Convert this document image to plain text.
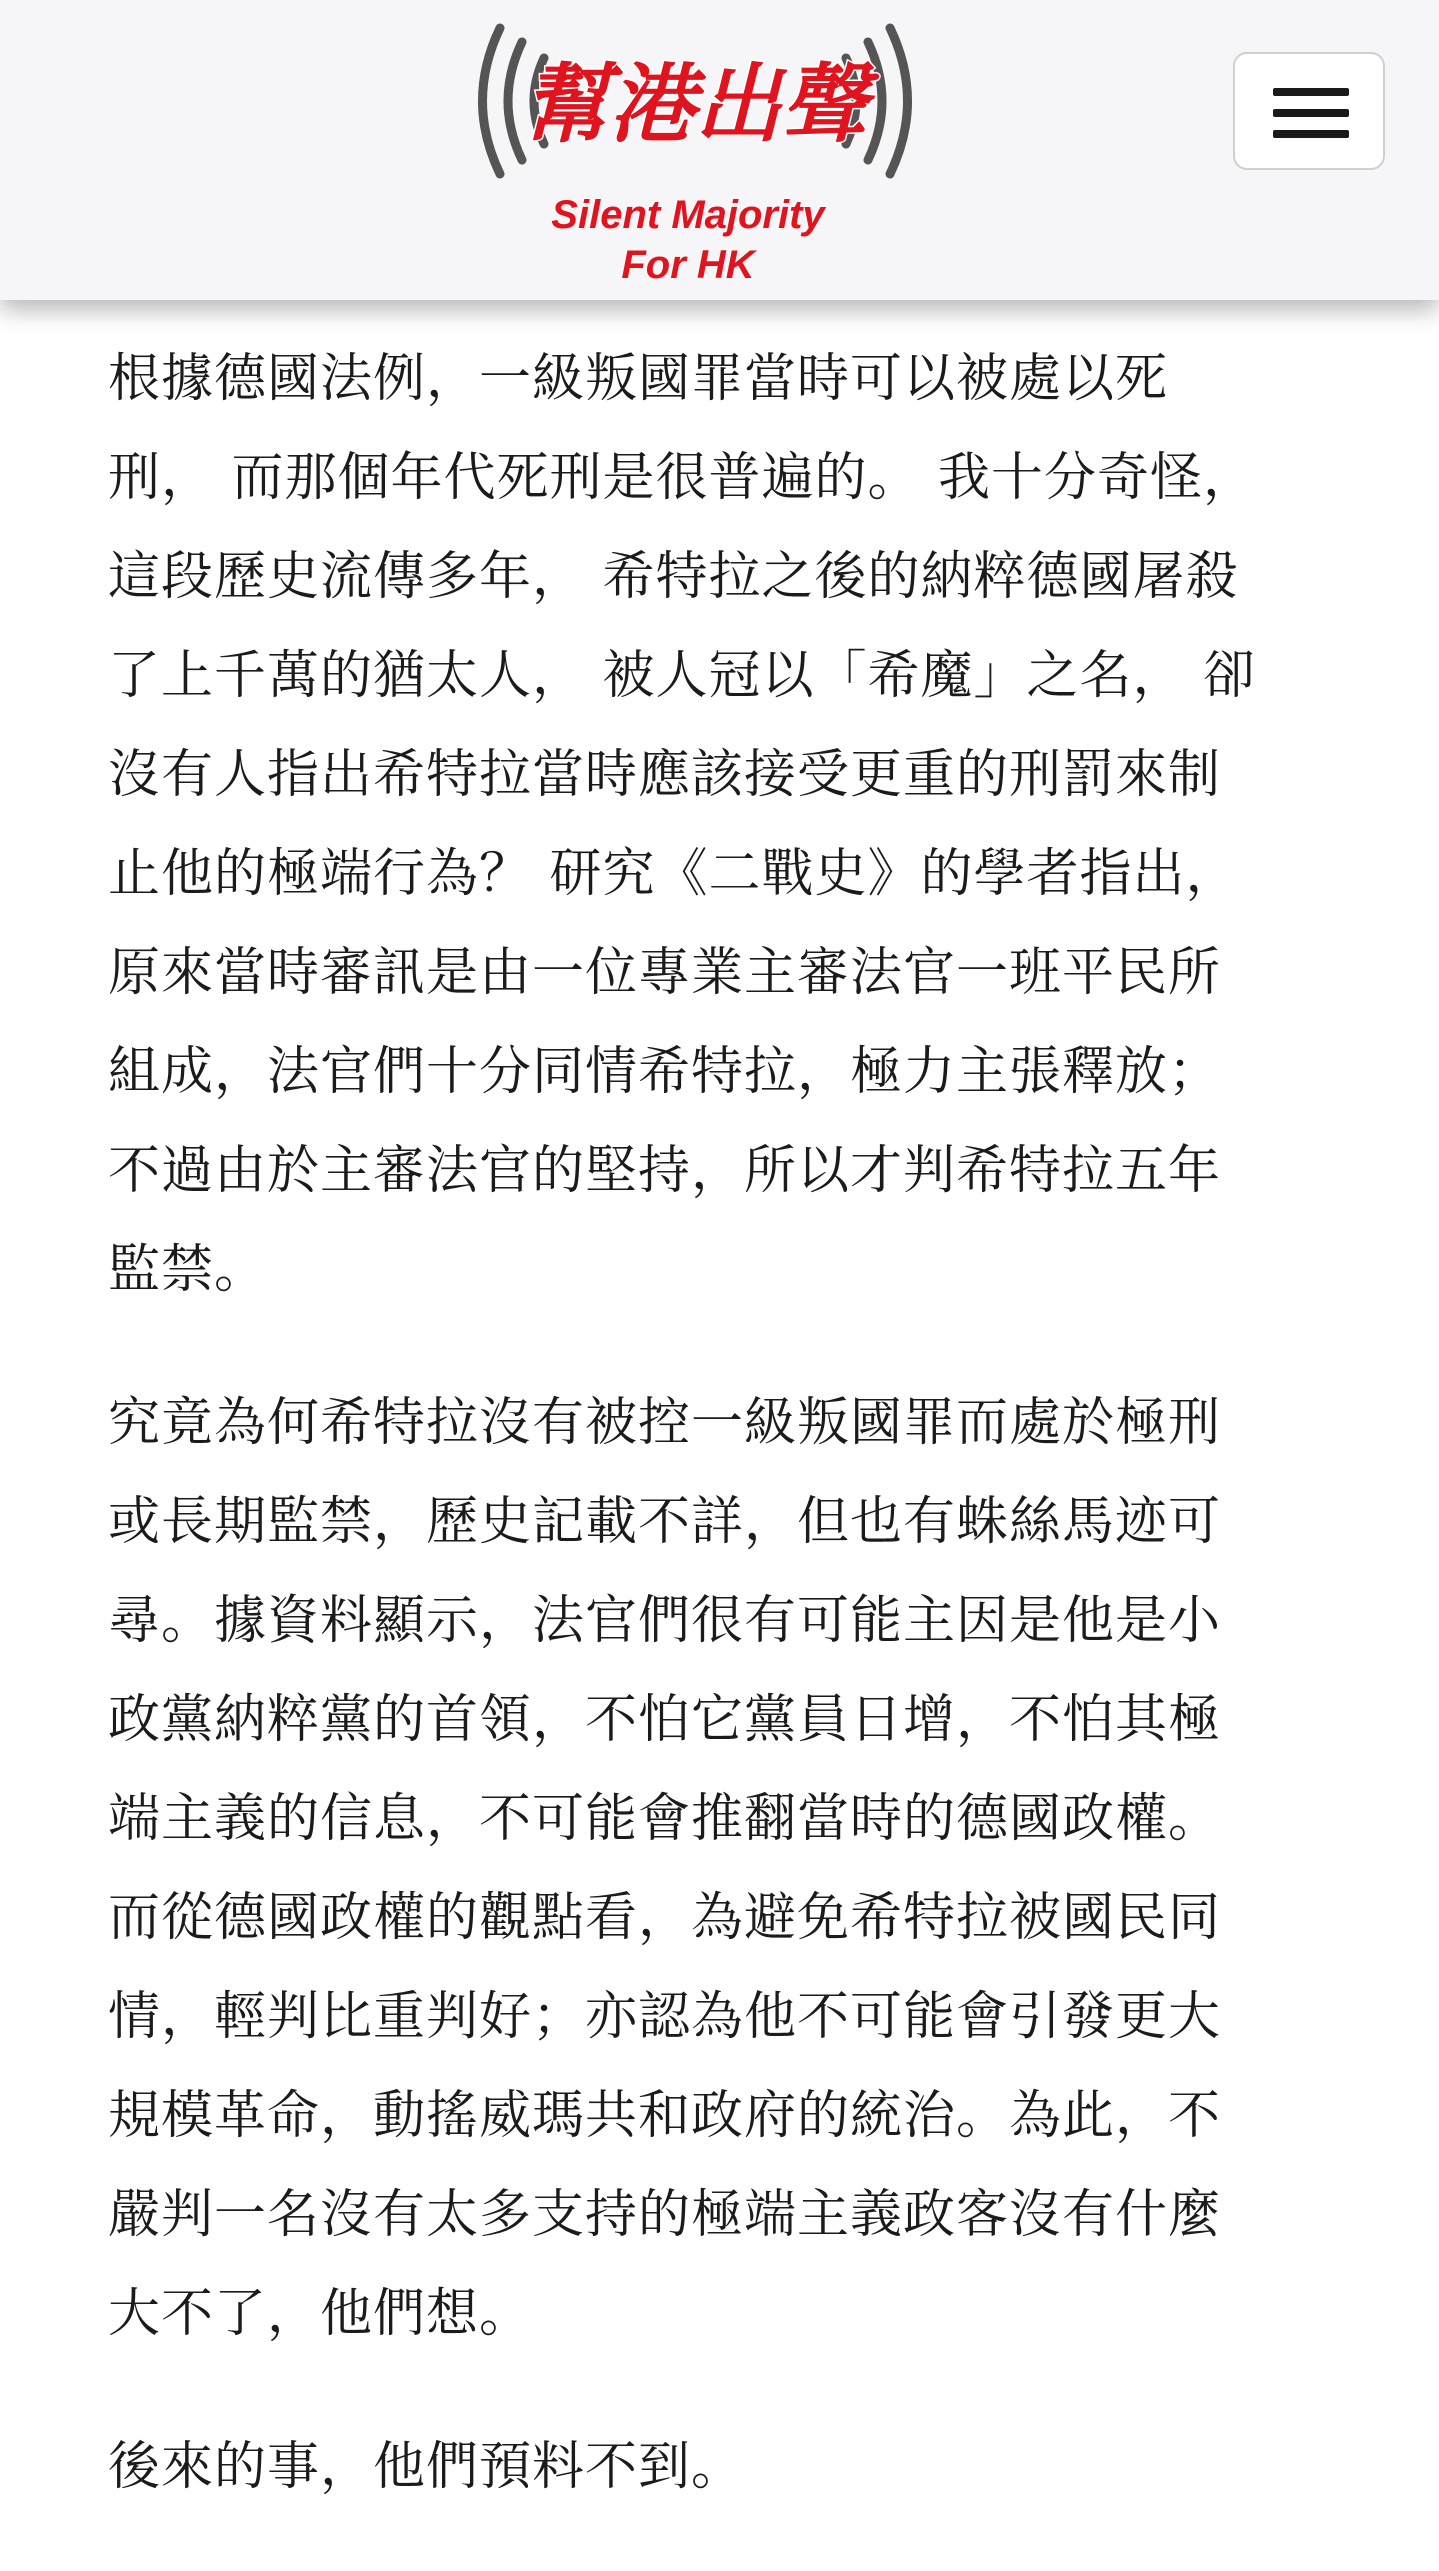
幫港出聲
Silent Majority
For HK

根據德國法例，一級叛國罪當時可以被處以死
刑， 而那個年代死刑是很普遍的。 我十分奇怪，
這段歷史流傳多年， 希特拉之後的納粹德國屠殺
了上千萬的猶太人， 被人冠以「希魔」之名， 卻
沒有人指出希特拉當時應該接受更重的刑罰來制
止他的極端行為？ 研究《二戰史》的學者指出，
原來當時審訊是由一位專業主審法官一班平民所
組成，法官們十分同情希特拉，極力主張釋放；
不過由於主審法官的堅持，所以才判希特拉五年
監禁。

究竟為何希特拉沒有被控一級叛國罪而處於極刑
或長期監禁，歷史記載不詳，但也有蛛絲馬迹可
尋。據資料顯示，法官們很有可能主因是他是小
政黨納粹黨的首領，不怕它黨員日增，不怕其極
端主義的信息，不可能會推翻當時的德國政權。
而從德國政權的觀點看，為避免希特拉被國民同
情，輕判比重判好；亦認為他不可能會引發更大
規模革命，動搖威瑪共和政府的統治。為此，不
嚴判一名沒有太多支持的極端主義政客沒有什麼
大不了，他們想。

後來的事，他們預料不到。
